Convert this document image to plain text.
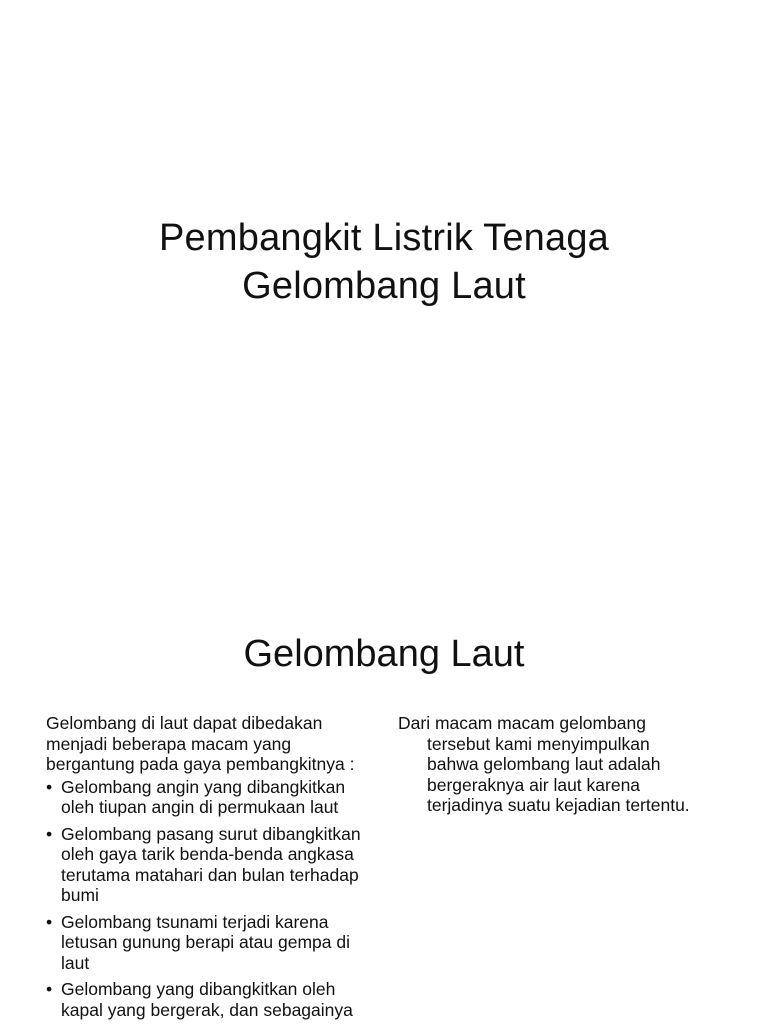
Pembangkit Listrik Tenaga
Gelombang Laut
Gelombang Laut

Gelombang di laut dapat dibedakan menjadi beberapa macam yang bergantung pada gaya pembangkitnya :

• Gelombang angin yang dibangkitkan oleh tiupan angin di permukaan laut
• Gelombang pasang surut dibangkitkan oleh gaya tarik benda-benda angkasa terutama matahari dan bulan terhadap bumi
• Gelombang tsunami terjadi karena letusan gunung berapi atau gempa di laut
• Gelombang yang dibangkitkan oleh kapal yang bergerak, dan sebagainya

Dari macam macam gelombang tersebut kami menyimpulkan bahwa gelombang laut adalah bergeraknya air laut karena terjadinya suatu kejadian tertentu.
